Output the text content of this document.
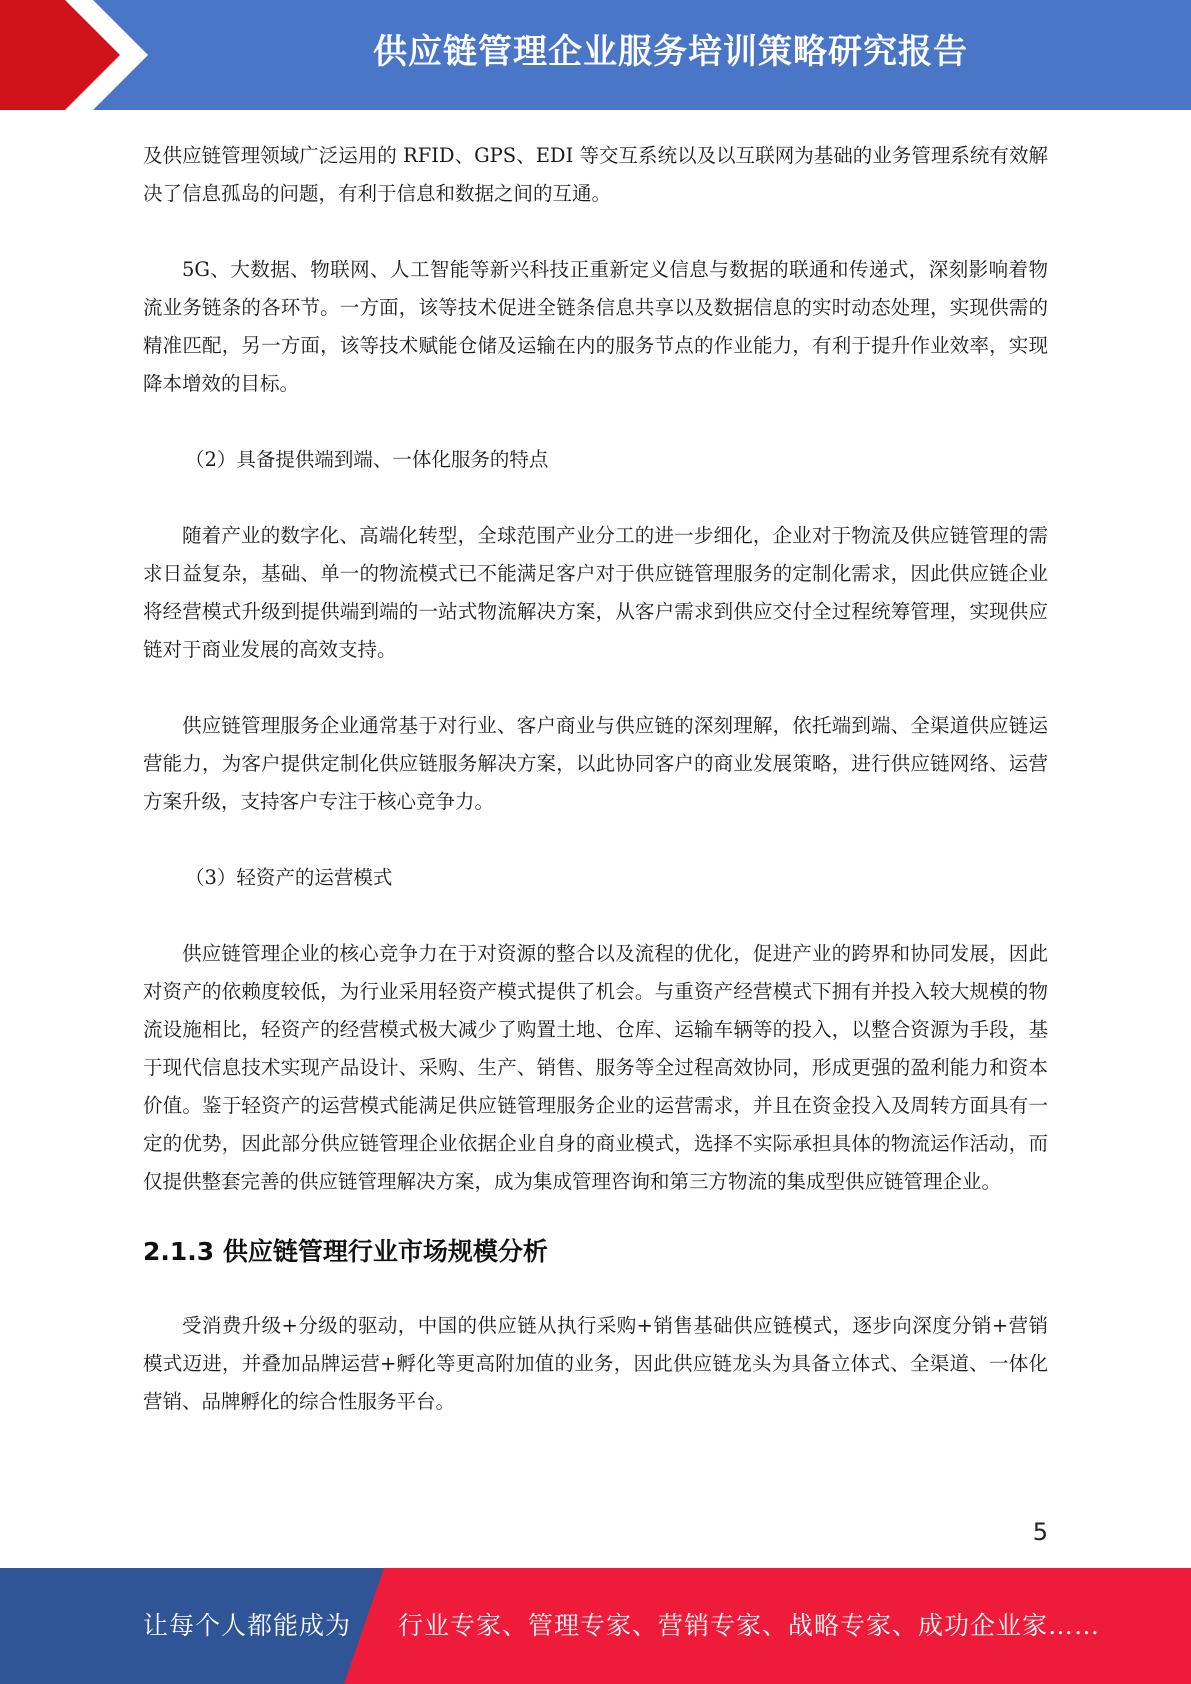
供应链管理企业服务培训策略研究报告

及供应链管理领域广泛运用的 RFID、GPS、EDI 等交互系统以及以互联网为基础的业务管理系统有效解决了信息孤岛的问题，有利于信息和数据之间的互通。

5G、大数据、物联网、人工智能等新兴科技正重新定义信息与数据的联通和传递式，深刻影响着物流业务链条的各环节。一方面，该等技术促进全链条信息共享以及数据信息的实时动态处理，实现供需的精准匹配，另一方面，该等技术赋能仓储及运输在内的服务节点的作业能力，有利于提升作业效率，实现降本增效的目标。

（2）具备提供端到端、一体化服务的特点

随着产业的数字化、高端化转型，全球范围产业分工的进一步细化，企业对于物流及供应链管理的需求日益复杂，基础、单一的物流模式已不能满足客户对于供应链管理服务的定制化需求，因此供应链企业将经营模式升级到提供端到端的一站式物流解决方案，从客户需求到供应交付全过程统筹管理，实现供应链对于商业发展的高效支持。

供应链管理服务企业通常基于对行业、客户商业与供应链的深刻理解，依托端到端、全渠道供应链运营能力，为客户提供定制化供应链服务解决方案，以此协同客户的商业发展策略，进行供应链网络、运营方案升级，支持客户专注于核心竞争力。

（3）轻资产的运营模式

供应链管理企业的核心竞争力在于对资源的整合以及流程的优化，促进产业的跨界和协同发展，因此对资产的依赖度较低，为行业采用轻资产模式提供了机会。与重资产经营模式下拥有并投入较大规模的物流设施相比，轻资产的经营模式极大减少了购置土地、仓库、运输车辆等的投入，以整合资源为手段，基于现代信息技术实现产品设计、采购、生产、销售、服务等全过程高效协同，形成更强的盈利能力和资本价值。鉴于轻资产的运营模式能满足供应链管理服务企业的运营需求，并且在资金投入及周转方面具有一定的优势，因此部分供应链管理企业依据企业自身的商业模式，选择不实际承担具体的物流运作活动，而仅提供整套完善的供应链管理解决方案，成为集成管理咨询和第三方物流的集成型供应链管理企业。

2.1.3 供应链管理行业市场规模分析

受消费升级+分级的驱动，中国的供应链从执行采购+销售基础供应链模式，逐步向深度分销+营销模式迈进，并叠加品牌运营+孵化等更高附加值的业务，因此供应链龙头为具备立体式、全渠道、一体化营销、品牌孵化的综合性服务平台。

5
让每个人都能成为 行业专家、管理专家、营销专家、战略专家、成功企业家……
